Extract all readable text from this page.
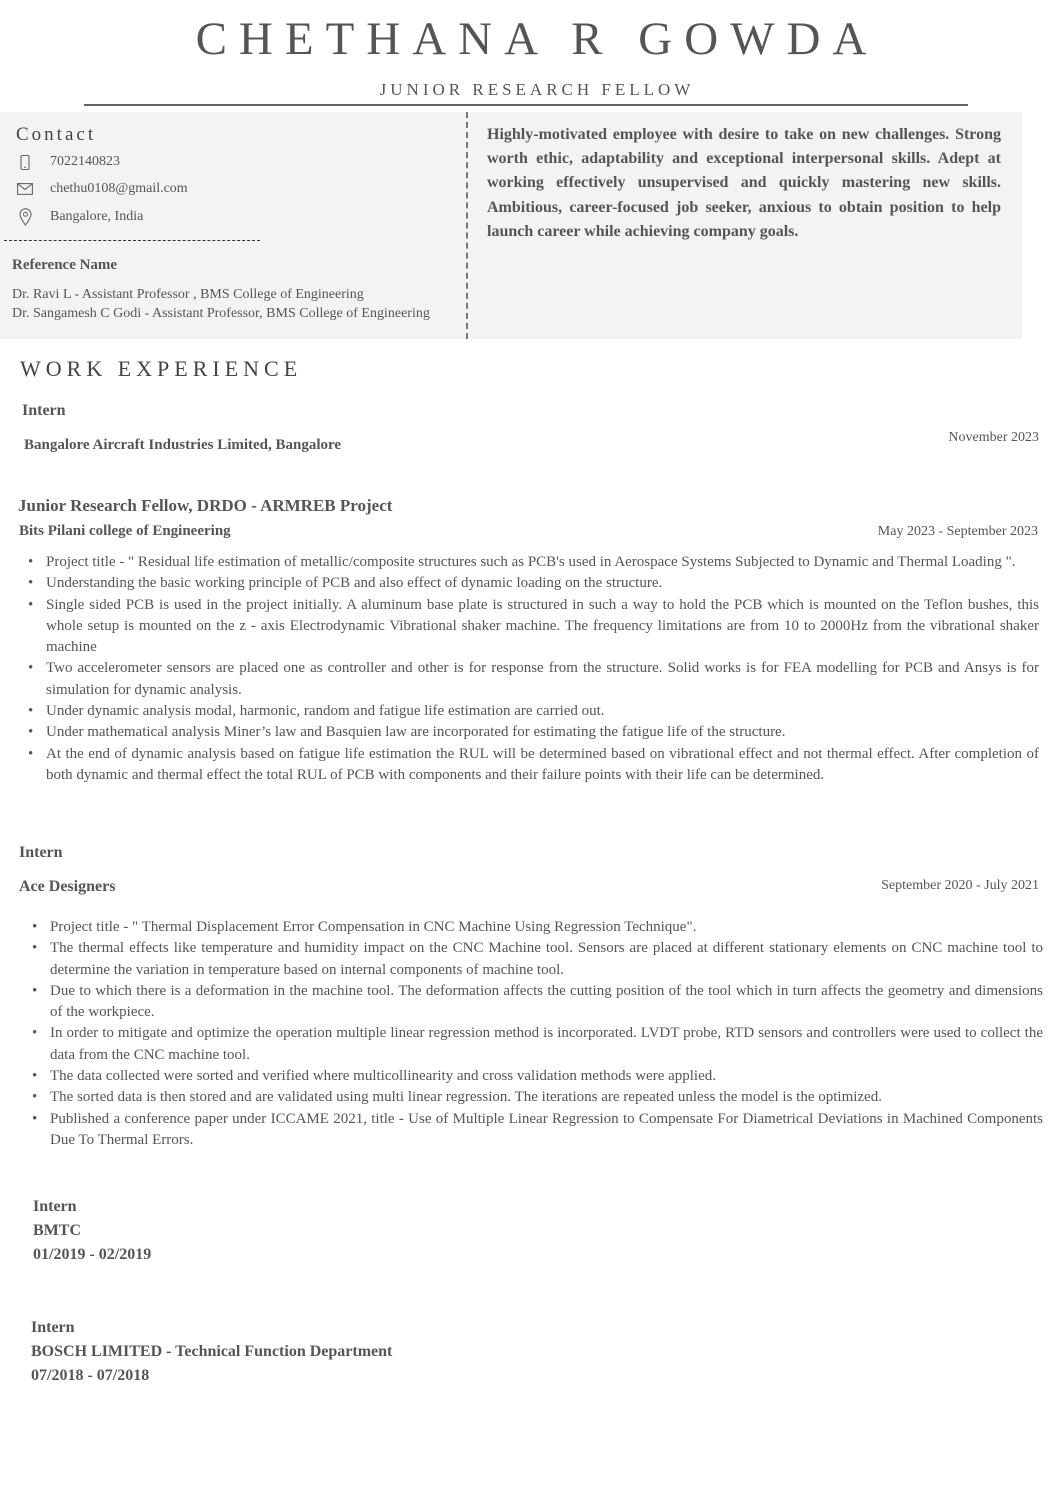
CHETHANA R GOWDA
JUNIOR RESEARCH FELLOW
Contact
7022140823
chethu0108@gmail.com
Bangalore, India
Reference Name
Dr. Ravi L - Assistant Professor , BMS College of Engineering
Dr. Sangamesh C Godi - Assistant Professor, BMS College of Engineering
Highly-motivated employee with desire to take on new challenges. Strong worth ethic, adaptability and exceptional interpersonal skills. Adept at working effectively unsupervised and quickly mastering new skills. Ambitious, career-focused job seeker, anxious to obtain position to help launch career while achieving company goals.
WORK EXPERIENCE
Intern
Bangalore Aircraft Industries Limited, Bangalore	November 2023
Junior Research Fellow, DRDO - ARMREB Project
Bits Pilani college of Engineering	May 2023 - September 2023
• Project title - " Residual life estimation of metallic/composite structures such as PCB's used in Aerospace Systems Subjected to Dynamic and Thermal Loading ".
• Understanding the basic working principle of PCB and also effect of dynamic loading on the structure.
• Single sided PCB is used in the project initially. A aluminum base plate is structured in such a way to hold the PCB which is mounted on the Teflon bushes, this whole setup is mounted on the z - axis Electrodynamic Vibrational shaker machine. The frequency limitations are from 10 to 2000Hz from the vibrational shaker machine
• Two accelerometer sensors are placed one as controller and other is for response from the structure. Solid works is for FEA modelling for PCB and Ansys is for simulation for dynamic analysis.
• Under dynamic analysis modal, harmonic, random and fatigue life estimation are carried out.
• Under mathematical analysis Miner’s law and Basquien law are incorporated for estimating the fatigue life of the structure.
• At the end of dynamic analysis based on fatigue life estimation the RUL will be determined based on vibrational effect and not thermal effect. After completion of both dynamic and thermal effect the total RUL of PCB with components and their failure points with their life can be determined.
Intern
Ace Designers	September 2020 - July 2021
• Project title - " Thermal Displacement Error Compensation in CNC Machine Using Regression Technique".
• The thermal effects like temperature and humidity impact on the CNC Machine tool. Sensors are placed at different stationary elements on CNC machine tool to determine the variation in temperature based on internal components of machine tool.
• Due to which there is a deformation in the machine tool. The deformation affects the cutting position of the tool which in turn affects the geometry and dimensions of the workpiece.
• In order to mitigate and optimize the operation multiple linear regression method is incorporated. LVDT probe, RTD sensors and controllers were used to collect the data from the CNC machine tool.
• The data collected were sorted and verified where multicollinearity and cross validation methods were applied.
• The sorted data is then stored and are validated using multi linear regression. The iterations are repeated unless the model is the optimized.
• Published a conference paper under ICCAME 2021, title - Use of Multiple Linear Regression to Compensate For Diametrical Deviations in Machined Components Due To Thermal Errors.
Intern
BMTC
01/2019 - 02/2019
Intern
BOSCH LIMITED - Technical Function Department
07/2018 - 07/2018
